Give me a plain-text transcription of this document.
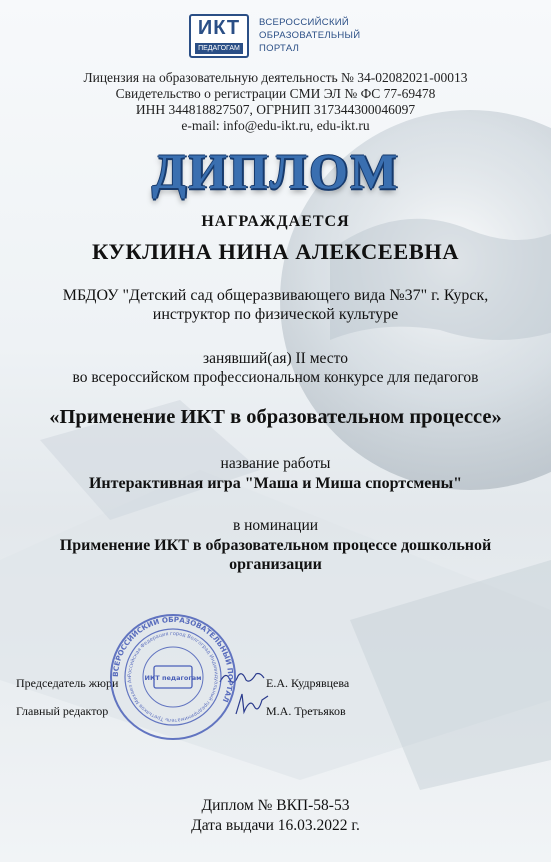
ИКТ
ПЕДАГОГАМ
ВСЕРОССИЙСКИЙ
ОБРАЗОВАТЕЛЬНЫЙ
ПОРТАЛ
Лицензия на образовательную деятельность № 34-02082021-00013
Свидетельство о регистрации СМИ ЭЛ № ФС 77-69478
ИНН 344818827507, ОГРНИП 317344300046097
e-mail: info@edu-ikt.ru, edu-ikt.ru
ДИПЛОМ
НАГРАЖДАЕТСЯ
КУКЛИНА НИНА АЛЕКСЕЕВНА
МБДОУ "Детский сад общеразвивающего вида №37" г. Курск,
инструктор по физической культуре
занявший(ая) II место
во всероссийском профессиональном конкурсе для педагогов
«Применение ИКТ в образовательном процессе»
название работы
Интерактивная игра "Маша и Миша спортсмены"
в номинации
Применение ИКТ в образовательном процессе дошкольной
организации
Председатель жюри	Е.А. Кудрявцева
Главный редактор	М.А. Третьяков
ВСЕРОССИЙСКИЙ ОБРАЗОВАТЕЛЬНЫЙ ПОРТАЛ
Российская Федерация город Волгоград Индивидуальный предприниматель Третьяков Михаил Ан	ИКТ педагогам
Диплом № ВКП-58-53
Дата выдачи 16.03.2022 г.
